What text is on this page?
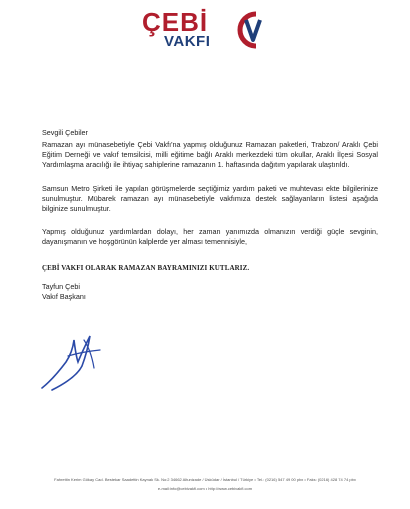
ÇEBİ
VAKFI

Sevgili Çebiler

Ramazan ayı münasebetiyle Çebi Vakfı'na yapmış olduğunuz Ramazan paketleri, Trabzon/ Araklı Çebi Eğitim Derneği ve vakıf temsilcisi, milli eğitime bağlı Araklı merkezdeki tüm okullar, Araklı İlçesi Sosyal Yardımlaşma aracılığı ile ihtiyaç sahiplerine ramazanın 1. haftasında dağıtım yapılarak ulaştırıldı.

Samsun Metro Şirketi ile yapılan görüşmelerde seçtiğimiz yardım paketi ve muhtevası ekte bilgilerinize sunulmuştur. Mübarek ramazan ayı münasebetiyle vakfımıza destek sağlayanların listesi aşağıda bilginize sunulmuştur.

Yapmış olduğunuz yardımlardan dolayı, her zaman yanımızda olmanızın verdiği güçle sevginin, dayanışmanın ve hoşgörünün kalplerde yer alması temennisiyle,

ÇEBİ VAKFI OLARAK RAMAZAN BAYRAMINIZI KUTLARIZ.

Tayfun Çebi

Vakıf Başkanı

Fahrettin Kerim Gökay Cad. Bestekar Saadettin Kaynak Sk. No:2 34662 Altunizade / Üsküdar / İstanbul / Türkiye • Tel.: (0216) 547 49 00 pbx • Faks: (0216) 428 74 74 pbx
e-mail:info@cebivakfi.com • http://www.cebivakfi.com
